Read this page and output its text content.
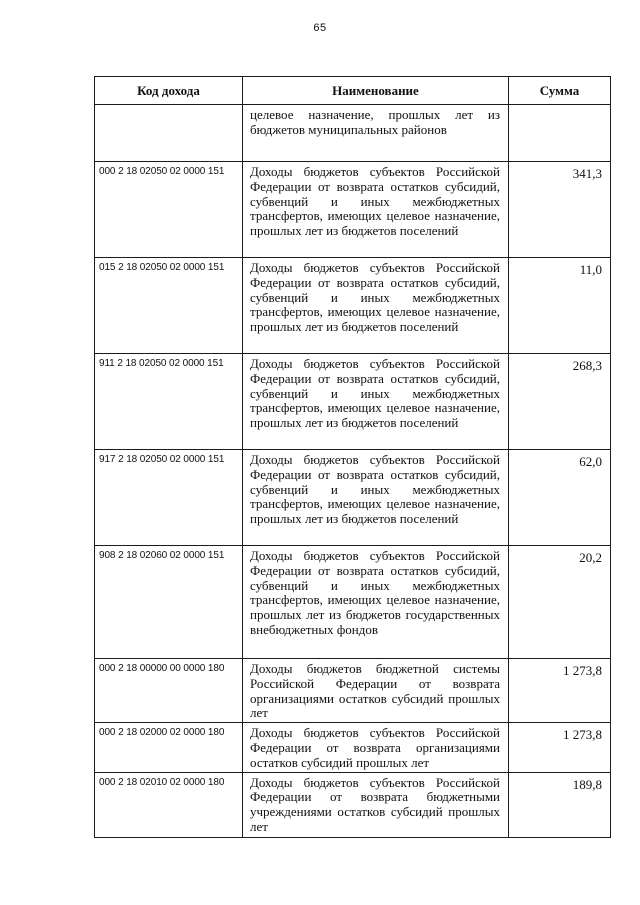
65
Код дохода	Наименование	Сумма
	целевое назначение, прошлых лет из бюджетов муниципальных районов	
000 2 18 02050 02 0000 151	Доходы бюджетов субъектов Российской Федерации от возврата остатков субсидий, субвенций и иных межбюджетных трансфертов, имеющих целевое назначение, прошлых лет из бюджетов поселений	341,3
015 2 18 02050 02 0000 151	Доходы бюджетов субъектов Российской Федерации от возврата остатков субсидий, субвенций и иных межбюджетных трансфертов, имеющих целевое назначение, прошлых лет из бюджетов поселений	11,0
911 2 18 02050 02 0000 151	Доходы бюджетов субъектов Российской Федерации от возврата остатков субсидий, субвенций и иных межбюджетных трансфертов, имеющих целевое назначение, прошлых лет из бюджетов поселений	268,3
917 2 18 02050 02 0000 151	Доходы бюджетов субъектов Российской Федерации от возврата остатков субсидий, субвенций и иных межбюджетных трансфертов, имеющих целевое назначение, прошлых лет из бюджетов поселений	62,0
908 2 18 02060 02 0000 151	Доходы бюджетов субъектов Российской Федерации от возврата остатков субсидий, субвенций и иных межбюджетных трансфертов, имеющих целевое назначение, прошлых лет из бюджетов государственных внебюджетных фондов	20,2
000 2 18 00000 00 0000 180	Доходы бюджетов бюджетной системы Российской Федерации от возврата организациями остатков субсидий прошлых лет	1 273,8
000 2 18 02000 02 0000 180	Доходы бюджетов субъектов Российской Федерации от возврата организациями остатков субсидий прошлых лет	1 273,8
000 2 18 02010 02 0000 180	Доходы бюджетов субъектов Российской Федерации от возврата бюджетными учреждениями остатков субсидий прошлых лет	189,8
